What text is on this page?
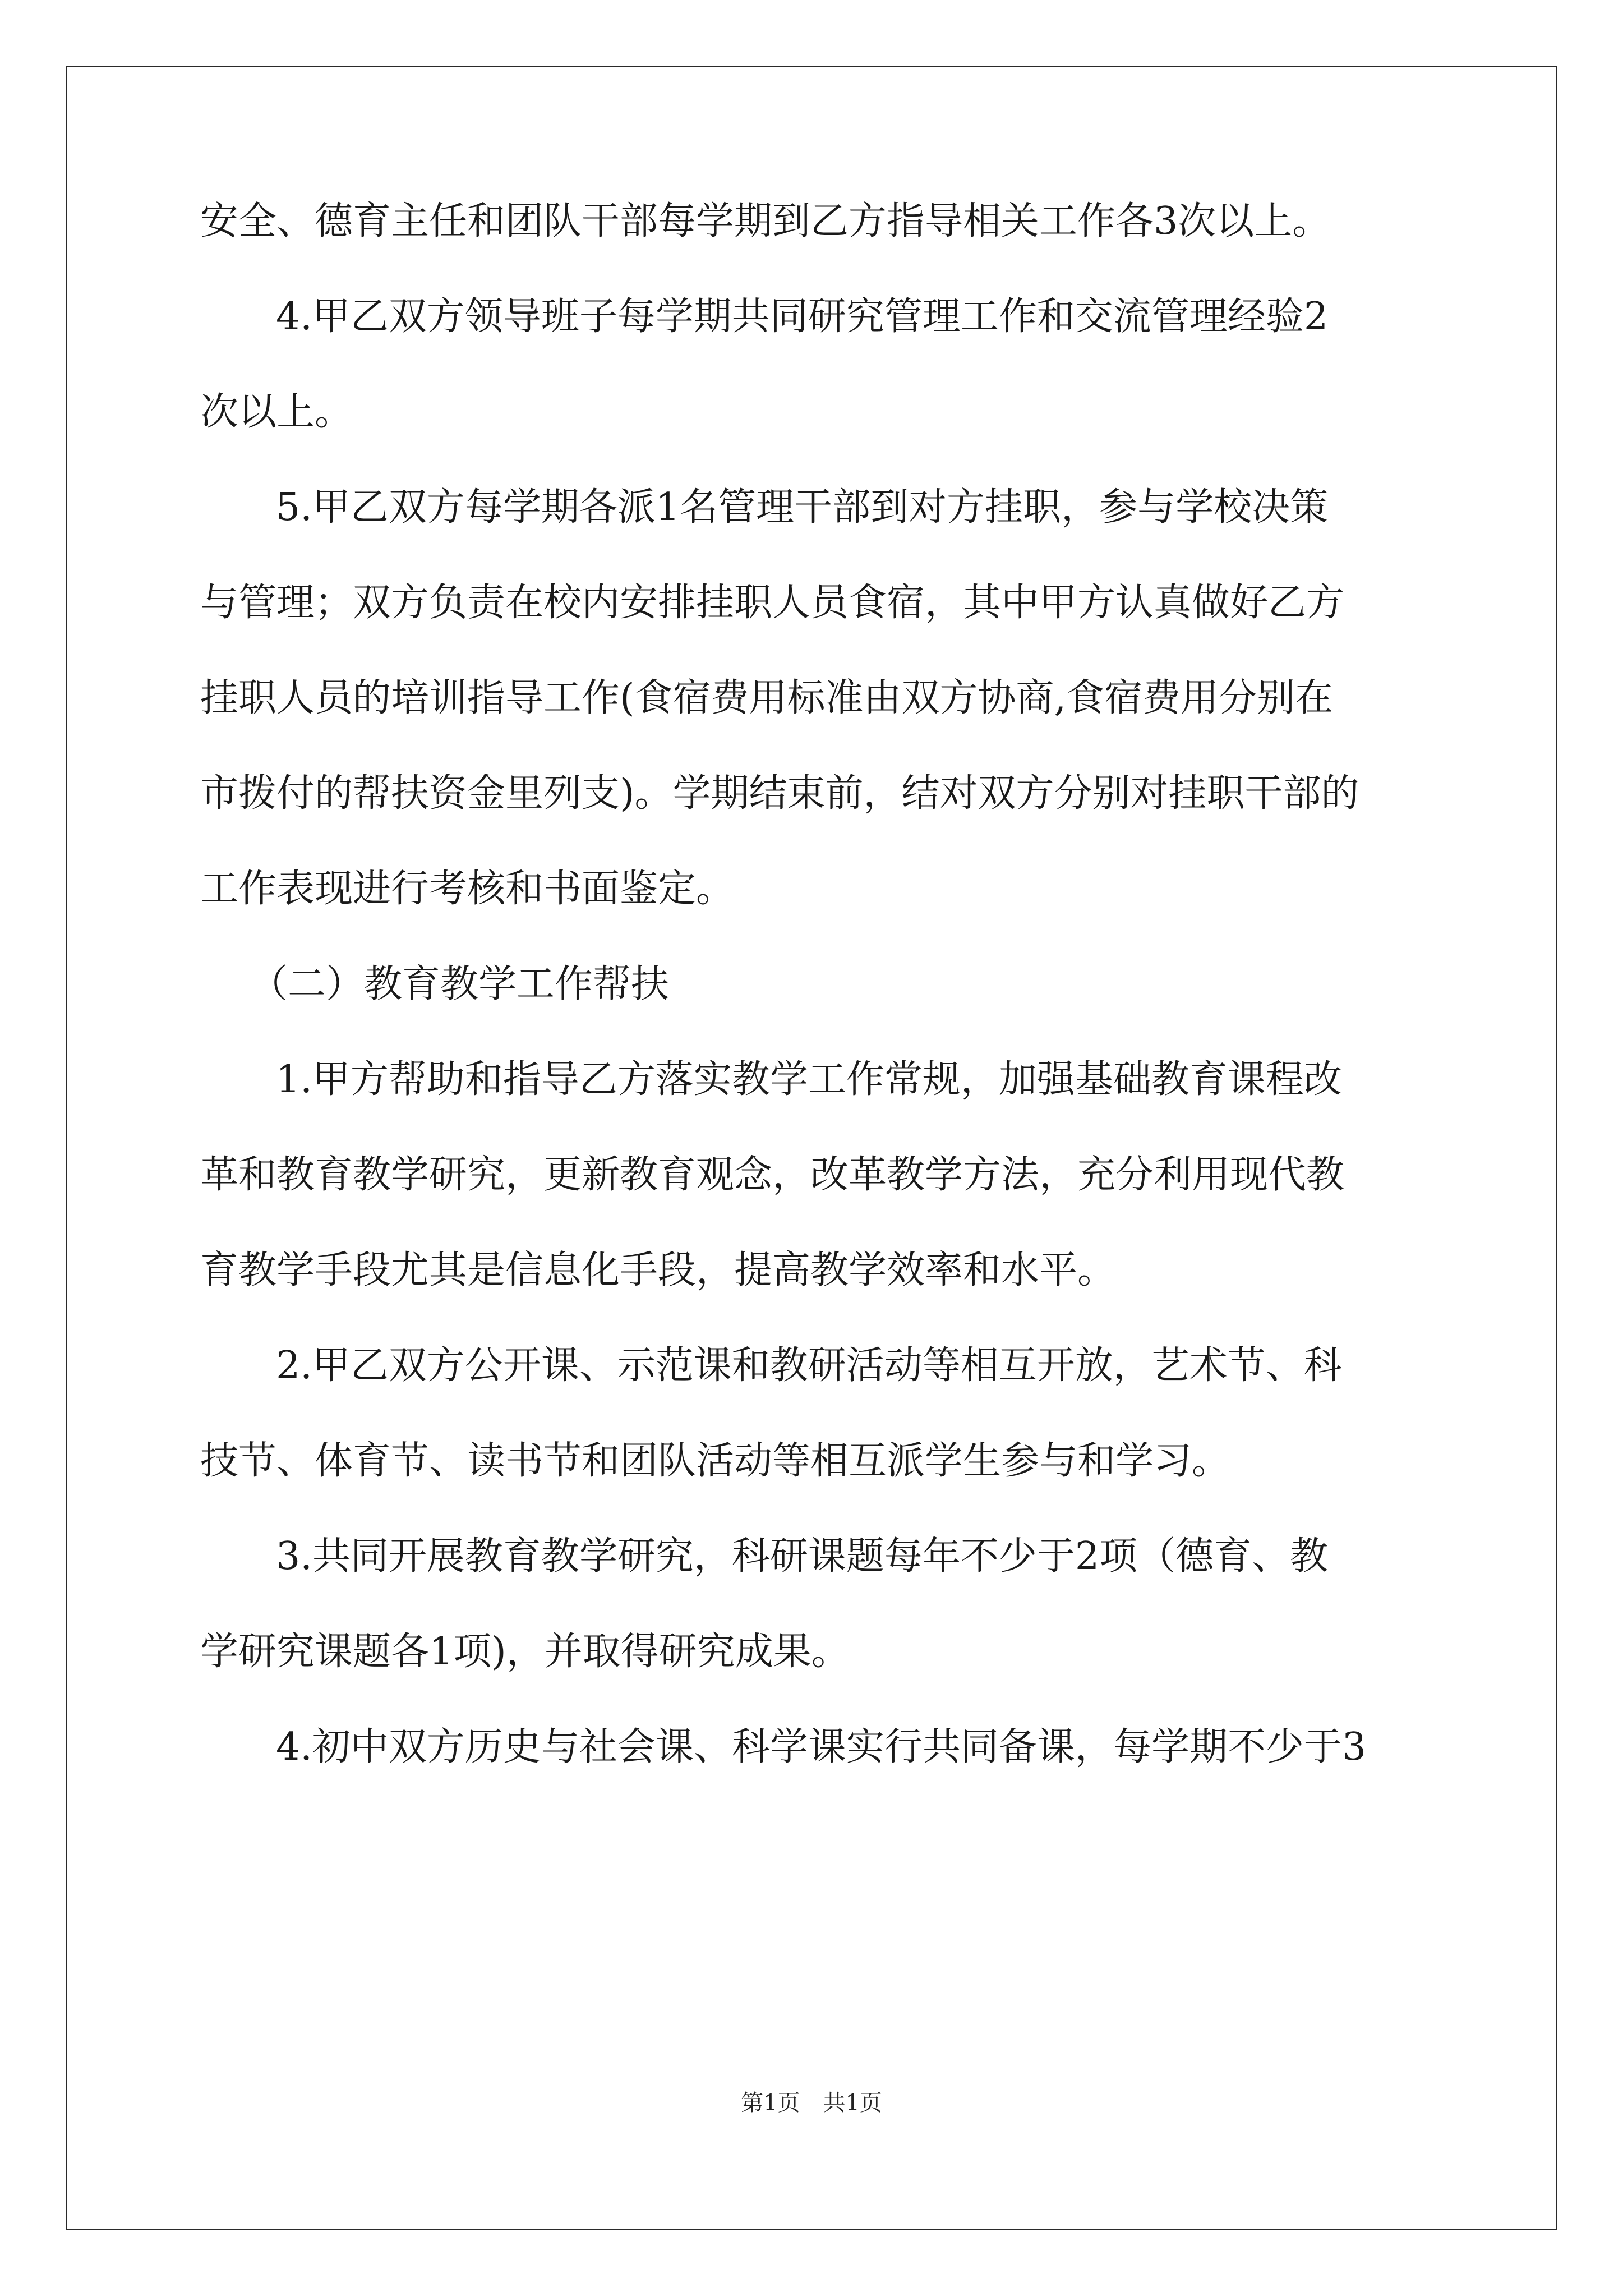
安全、德育主任和团队干部每学期到乙方指导相关工作各3次以上。
4.甲乙双方领导班子每学期共同研究管理工作和交流管理经验2
次以上。
5.甲乙双方每学期各派1名管理干部到对方挂职，参与学校决策
与管理；双方负责在校内安排挂职人员食宿，其中甲方认真做好乙方
挂职人员的培训指导工作(食宿费用标准由双方协商,食宿费用分别在
市拨付的帮扶资金里列支)。学期结束前，结对双方分别对挂职干部的
工作表现进行考核和书面鉴定。
（二）教育教学工作帮扶
1.甲方帮助和指导乙方落实教学工作常规，加强基础教育课程改
革和教育教学研究，更新教育观念，改革教学方法，充分利用现代教
育教学手段尤其是信息化手段，提高教学效率和水平。
2.甲乙双方公开课、示范课和教研活动等相互开放，艺术节、科
技节、体育节、读书节和团队活动等相互派学生参与和学习。
3.共同开展教育教学研究，科研课题每年不少于2项（德育、教
学研究课题各1项)，并取得研究成果。
4.初中双方历史与社会课、科学课实行共同备课，每学期不少于3
第1页 共1页
